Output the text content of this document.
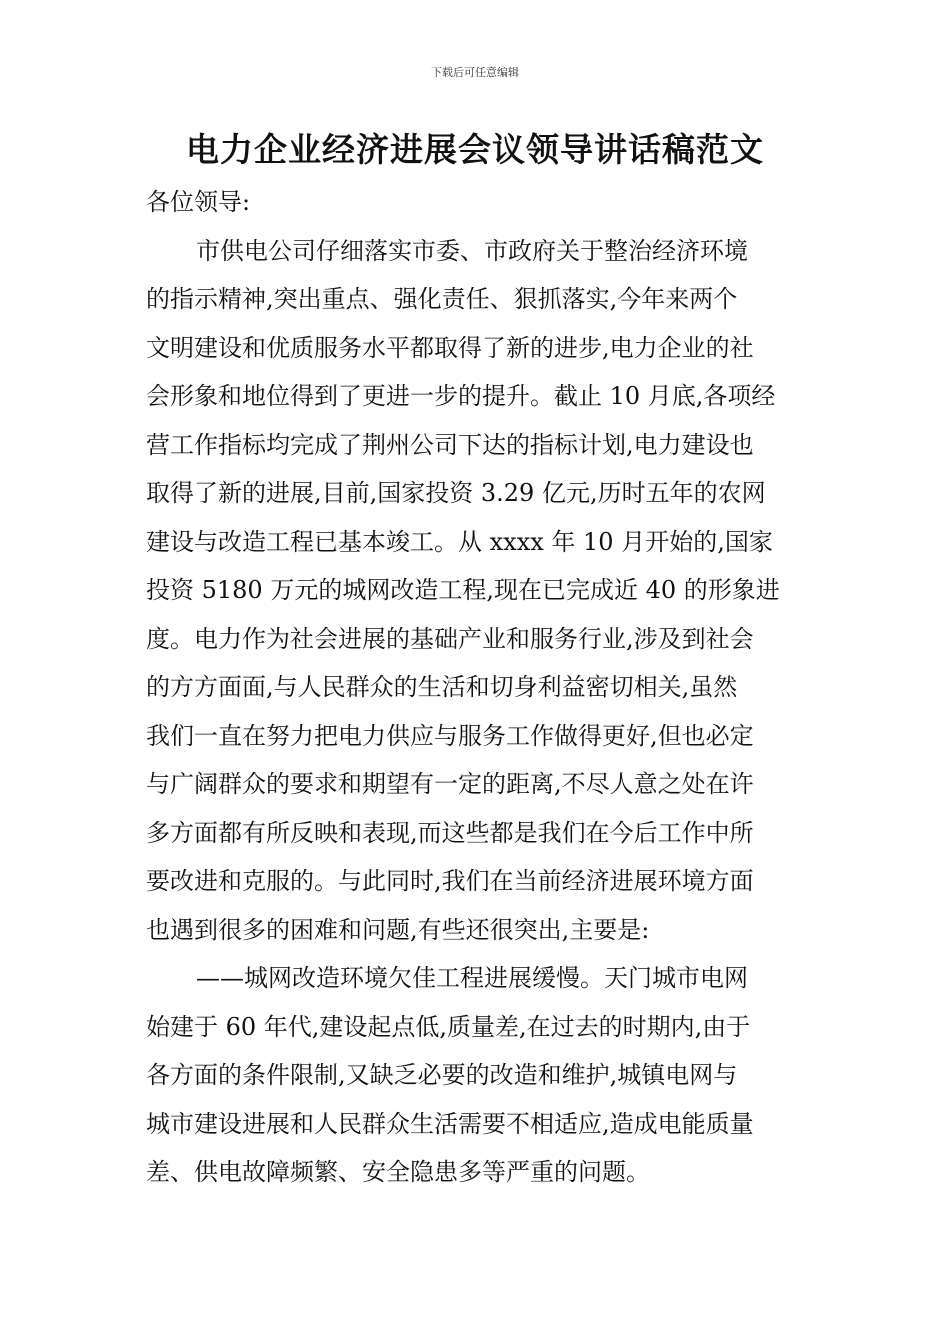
下载后可任意编辑
电力企业经济进展会议领导讲话稿范文
各位领导:
市供电公司仔细落实市委、市政府关于整治经济环境
的指示精神,突出重点、强化责任、狠抓落实,今年来两个
文明建设和优质服务水平都取得了新的进步,电力企业的社
会形象和地位得到了更进一步的提升。截止 10 月底,各项经
营工作指标均完成了荆州公司下达的指标计划,电力建设也
取得了新的进展,目前,国家投资 3.29 亿元,历时五年的农网
建设与改造工程已基本竣工。从 xxxx 年 10 月开始的,国家
投资 5180 万元的城网改造工程,现在已完成近 40 的形象进
度。电力作为社会进展的基础产业和服务行业,涉及到社会
的方方面面,与人民群众的生活和切身利益密切相关,虽然
我们一直在努力把电力供应与服务工作做得更好,但也必定
与广阔群众的要求和期望有一定的距离,不尽人意之处在许
多方面都有所反映和表现,而这些都是我们在今后工作中所
要改进和克服的。与此同时,我们在当前经济进展环境方面
也遇到很多的困难和问题,有些还很突出,主要是:
——城网改造环境欠佳工程进展缓慢。天门城市电网
始建于 60 年代,建设起点低,质量差,在过去的时期内,由于
各方面的条件限制,又缺乏必要的改造和维护,城镇电网与
城市建设进展和人民群众生活需要不相适应,造成电能质量
差、供电故障频繁、安全隐患多等严重的问题。
